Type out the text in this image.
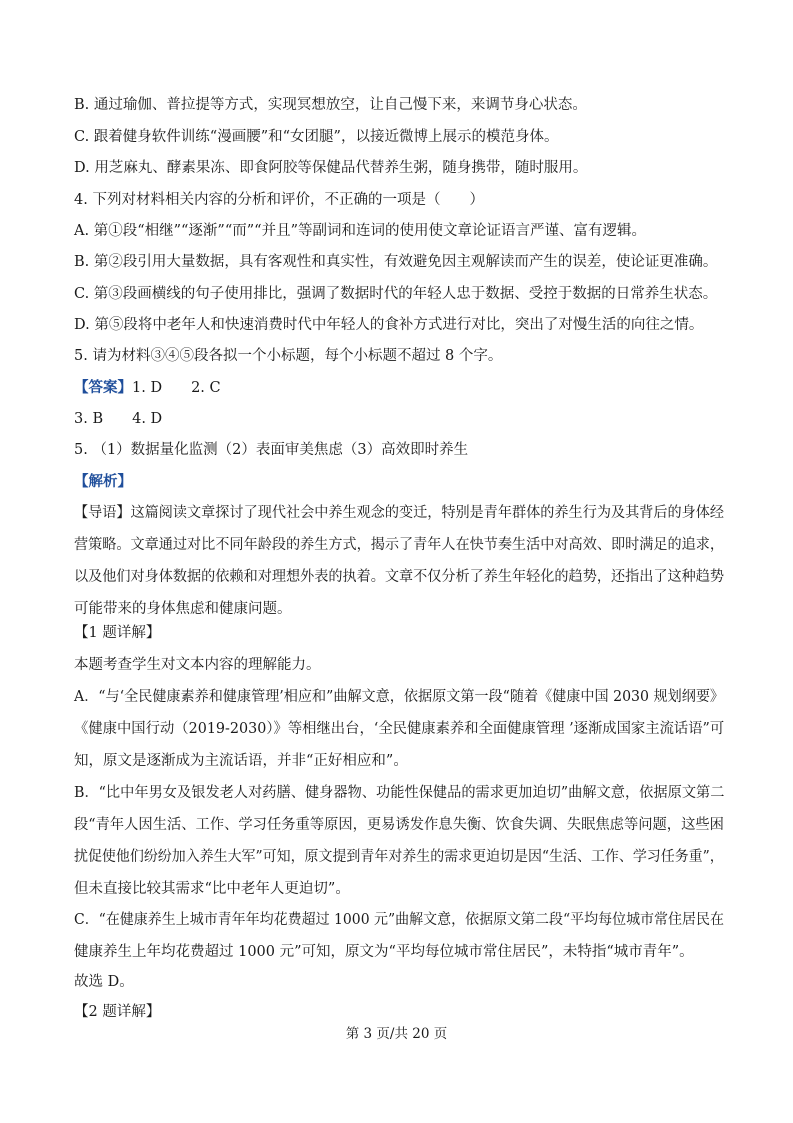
B. 通过瑜伽、普拉提等方式，实现冥想放空，让自己慢下来，来调节身心状态。
C. 跟着健身软件训练“漫画腰”和“女团腿”，以接近微博上展示的模范身体。
D. 用芝麻丸、酵素果冻、即食阿胶等保健品代替养生粥，随身携带，随时服用。
4. 下列对材料相关内容的分析和评价，不正确的一项是（　　）
A. 第①段“相继”“逐渐”“而”“并且”等副词和连词的使用使文章论证语言严谨、富有逻辑。
B. 第②段引用大量数据，具有客观性和真实性，有效避免因主观解读而产生的误差，使论证更准确。
C. 第③段画横线的句子使用排比，强调了数据时代的年轻人忠于数据、受控于数据的日常养生状态。
D. 第⑤段将中老年人和快速消费时代中年轻人的食补方式进行对比，突出了对慢生活的向往之情。
5. 请为材料③④⑤段各拟一个小标题，每个小标题不超过 8 个字。
【答案】1. D　　2. C
3. B　　4. D
5. （1）数据量化监测（2）表面审美焦虑（3）高效即时养生
【解析】
【导语】这篇阅读文章探讨了现代社会中养生观念的变迁，特别是青年群体的养生行为及其背后的身体经
营策略。文章通过对比不同年龄段的养生方式，揭示了青年人在快节奏生活中对高效、即时满足的追求，
以及他们对身体数据的依赖和对理想外表的执着。文章不仅分析了养生年轻化的趋势，还指出了这种趋势
可能带来的身体焦虑和健康问题。
【1 题详解】
本题考查学生对文本内容的理解能力。
A．“与‘全民健康素养和健康管理’相应和”曲解文意，依据原文第一段“随着《健康中国 2030 规划纲要》
《健康中国行动（2019-2030）》等相继出台，‘全民健康素养和全面健康管理 ’逐渐成国家主流话语”可
知，原文是逐渐成为主流话语，并非“正好相应和”。
B．“比中年男女及银发老人对药膳、健身器物、功能性保健品的需求更加迫切”曲解文意，依据原文第二
段“青年人因生活、工作、学习任务重等原因，更易诱发作息失衡、饮食失调、失眠焦虑等问题，这些困
扰促使他们纷纷加入养生大军”可知，原文提到青年对养生的需求更迫切是因“生活、工作、学习任务重”，
但未直接比较其需求“比中老年人更迫切”。
C．“在健康养生上城市青年年均花费超过 1000 元”曲解文意，依据原文第二段“平均每位城市常住居民在
健康养生上年均花费超过 1000 元”可知，原文为“平均每位城市常住居民”，未特指“城市青年”。
故选 D。
【2 题详解】
第 3 页/共 20 页
